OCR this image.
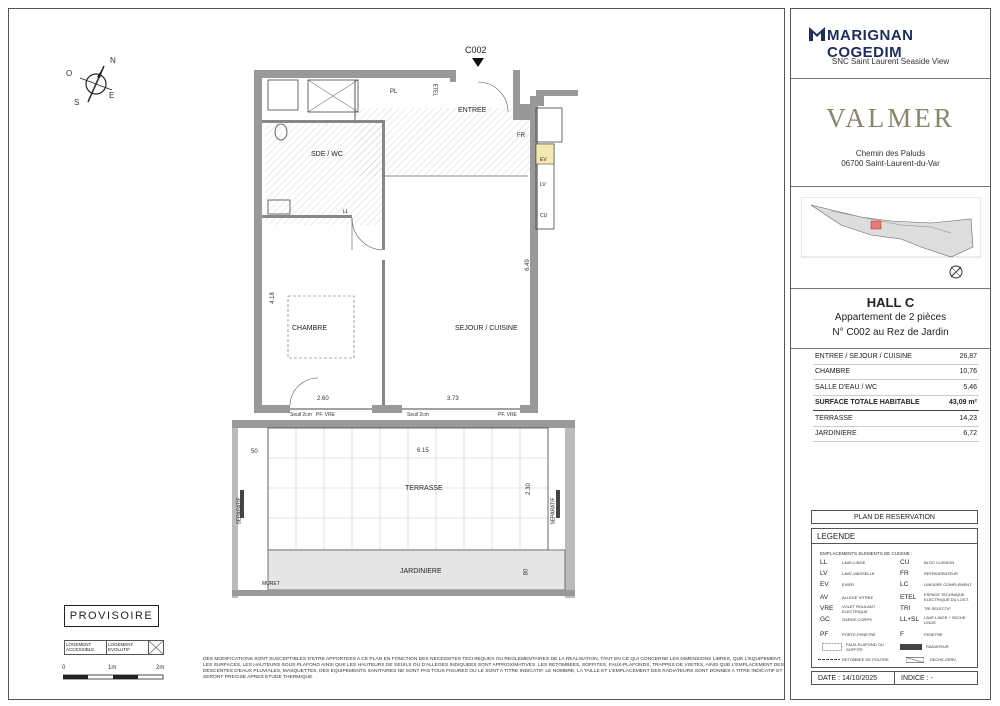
N
E
S
O
C002
PL	ETEL
ENTREE
FR
SDE / WC
EV
LV
CU
LL
CHAMBRE	SEJOUR / CUISINE
TERRASSE
JARDINIERE
MURET
SEPARATIF	SEPARATIF
4.18
6.49
2.60	3.73
6.15
2.30
50
80
Seuil 2cm	Seuil 2cm
PF. VRE	PF. VRE
PROVISOIRE
LOGEMENT ACCESSIBLE
LOGEMENT EVOLUTIF
0	1m	2m
DES MODIFICATIONS SONT SUSCEPTIBLES D'ETRE APPORTEES A CE PLAN EN FONCTION DES NECESSITES TECHNIQUES OU REGLEMENTAIRES DE LA REALISATION, TANT EN CE QUI CONCERNE LES DIMENSIONS LIBRES, QUE L'EQUIPEMENT. LES SURFACES, LES HAUTEURS SOUS PLAFOND AINSI QUE LES HAUTEURS DE SEUILS OU D'ALLEGES INDIQUEES SONT APPROXIMATIVES. LES RETOMBEES, SOFFITES, FAUX-PLAFONDS, TRAPPES DE VISITES, AINSI QUE L'EMPLACEMENT DES DESCENTES D'EAUX PLUVIALES, MASQUETTES, DES EQUIPEMENTS SANITAIRES NE SONT PAS TOUS FIGURES OU LE SONT A TITRE INDICATIF. LE NOMBRE, LA TAILLE ET L'EMPLACEMENT DES RADIATEURS SONT DONNES A TITRE INDICATIF ET SERONT PRECISE APRES ETUDE THERMIQUE
MARIGNAN COGEDIM
SNC Saint Laurent Seaside View
VALMER
Chemin des Paluds
06700 Saint-Laurent-du-Var
HALL C
Appartement de 2 pièces
N° C002 au Rez de Jardin
ENTREE / SEJOUR / CUISINE	26,87
CHAMBRE	10,76
SALLE D'EAU / WC	5,46
SURFACE TOTALE HABITABLE	43,09 m²
TERRASSE	14,23
JARDINIERE	6,72
PLAN DE RESERVATION
LEGENDE
EMPLACEMENTS ELEMENTS DE CUISINE :
LL	LAVE-LINGE	CU	BLOC CUISSON
LV	LAVE-VAISSELLE	FR	REFRIGERATEUR
EV	EVIER	LC	LINEAIRE COMPLEMENT
AV	ALLEGE VITREE	ETEL ESPACE TECHNIQUE ELECTRIQUE DU LOGT.
VRE VOLET ROULANT ELECTRIQUE	TRI	TRI SELECTIF
GC	GARDE-CORPS	LL+SL LAVE-LINGE + SECHE LINGE
PF	PORTE-FENETRE	F	FENETRE
FAUX-PLAFOND OU SOFFITE	RADIATEUR
RETOMBEE DE POUTRE	SECHE-SERV.
DATE : 14/10/2025	INDICE : -
